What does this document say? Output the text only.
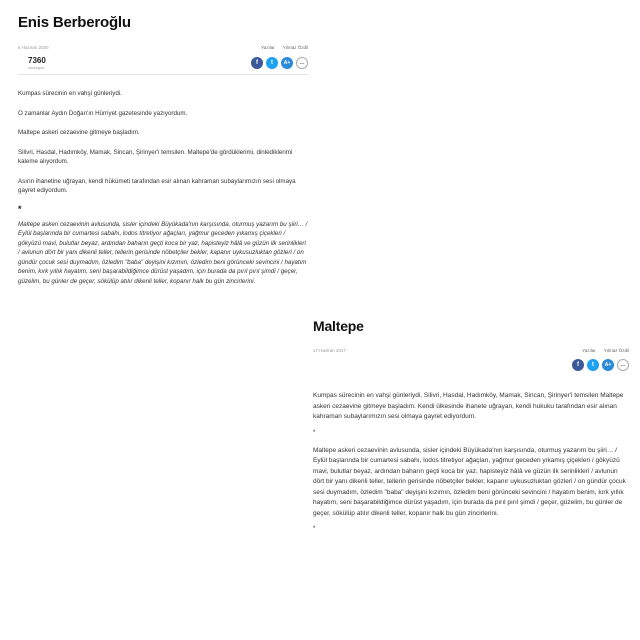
Enis Berberoğlu
6 Haziran 2020	Yazılar Yılmaz Özdil
7360
okunuyor
f	t	A+	...

Kumpas sürecinin en vahşi günleriydi.

O zamanlar Aydın Doğan'ın Hürriyet gazetesinde yazıyordum.

Maltepe askeri cezaevine gitmeye başladım.

Silivri, Hasdal, Hadımköy, Mamak, Sincan, Şirinyer'i temsilen. Maltepe'de gördüklerimi, dinlediklerimi kaleme alıyordum.

Asırın ihanetine uğrayan, kendi hükümeti tarafından esir alınan kahraman subaylarımızın sesi olmaya gayret ediyordum.

*

Maltepe askeri cezaevinin avlusunda, sisler içindeki Büyükada'nın karşısında, oturmuş yazarım bu şiiri… / Eylül başlarında bir cumartesi sabahı, lodos titretiyor ağaçları, yağmur geceden yıkamış çiçekleri / gökyüzü mavi, bulutlar beyaz, ardından baharın geçti koca bir yaz, hapisteyiz hâlâ ve güzün ilk serinlikleri / avlunun dört bir yanı dikenli teller, tellerin gerisinde nöbetçiler bekler, kapanır uykusuzluktan gözleri / on gündür çocuk sesi duymadım, özledim "baba" deyişini kızımın, özledim beni görünceki sevincini / hayatım benim, kırk yıllık hayatım, seni başarabildiğimce dürüst yaşadım, için burada da pırıl pırıl şimdi / geçer, güzelim, bu günler de geçer, sökülüp atılır dikenli teller, kopanır halk bu gün zincirlerini.

Maltepe
17 Haziran 2017	Yazılar Yılmaz Özdil
f	t	A+	...

Kumpas sürecinin en vahşi günleriydi, Silivri, Hasdal, Hadımköy, Mamak, Sincan, Şirinyer'i temsilen Maltepe askeri cezaevine gitmeye başladım. Kendi ülkesinde ihanete uğrayan, kendi hukuku tarafından esir alınan kahraman subaylarımızın sesi olmaya gayret ediyordum.

*

Maltepe askeri cezaevinin avlusunda, sisler içindeki Büyükada'nın karşısında, oturmuş yazarım bu şiiri… / Eylül başlarında bir cumartesi sabahı, lodos titretiyor ağaçları, yağmur geceden yıkamış çiçekleri / gökyüzü mavi, bulutlar beyaz, ardından baharın geçti koca bir yaz, hapisteyiz hâlâ ve güzün ilk serinlikleri / avlunun dört bir yanı dikenli teller, tellerin gerisinde nöbetçiler bekler, kapanır uykusuzluktan gözleri / on gündür çocuk sesi duymadım, özledim "baba" deyişini kızımın, özledim beni görünceki sevincini / hayatım benim, kırk yıllık hayatım, seni başarabildiğimce dürüst yaşadım, için burada da pırıl pırıl şimdi / geçer, güzelim, bu günler de geçer, sökülüp atılır dikenli teller, kopanır halk bu gün zincirlerini.

*
